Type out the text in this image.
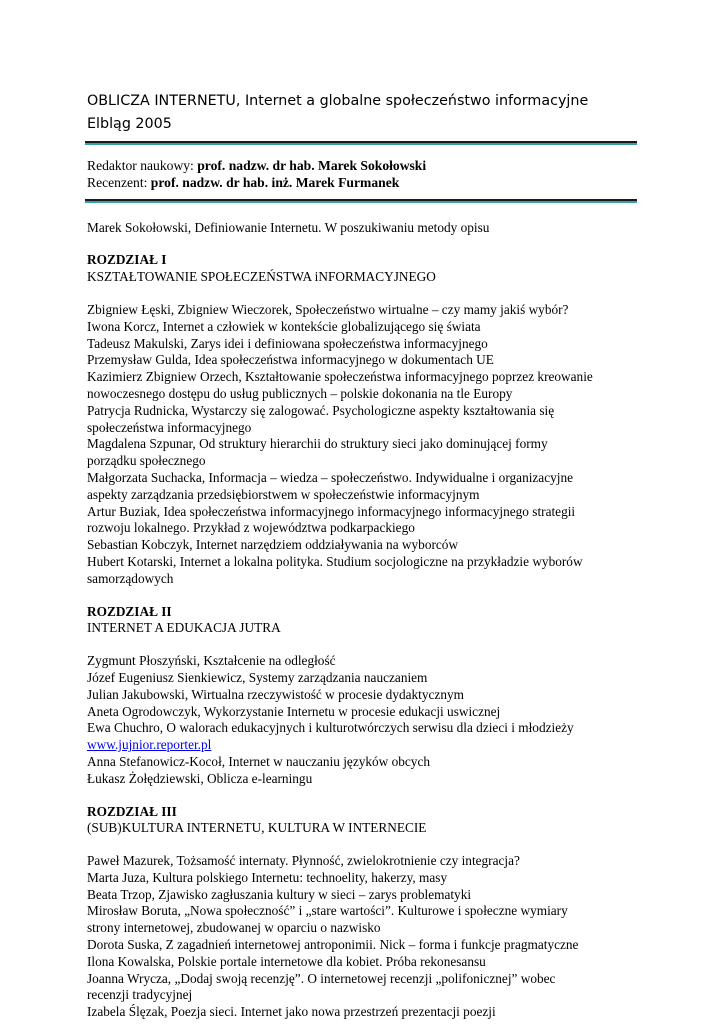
OBLICZA INTERNETU, Internet a globalne społeczeństwo informacyjne

Elbląg 2005

Redaktor naukowy: prof. nadzw. dr hab. Marek Sokołowski
Recenzent: prof. nadzw. dr hab. inż. Marek Furmanek
Marek Sokołowski, Definiowanie Internetu. W poszukiwaniu metody opisu
ROZDZIAŁ I
KSZTAŁTOWANIE SPOŁECZEŃSTWA iNFORMACYJNEGO
Zbigniew Łęski, Zbigniew Wieczorek, Społeczeństwo wirtualne – czy mamy jakiś wybór?
Iwona Korcz, Internet a człowiek w kontekście globalizującego się świata
Tadeusz Makulski, Zarys idei i definiowana społeczeństwa informacyjnego
Przemysław Gulda, Idea społeczeństwa informacyjnego w dokumentach UE
Kazimierz Zbigniew Orzech, Kształtowanie społeczeństwa informacyjnego poprzez kreowanie
nowoczesnego dostępu do usług publicznych – polskie dokonania na tle Europy
Patrycja Rudnicka, Wystarczy się zalogować. Psychologiczne aspekty kształtowania się
społeczeństwa informacyjnego
Magdalena Szpunar, Od struktury hierarchii do struktury sieci jako dominującej formy
porządku społecznego
Małgorzata Suchacka, Informacja – wiedza – społeczeństwo. Indywidualne i organizacyjne
aspekty zarządzania przedsiębiorstwem w społeczeństwie informacyjnym
Artur Buziak, Idea społeczeństwa informacyjnego informacyjnego informacyjnego strategii
rozwoju lokalnego. Przykład z województwa podkarpackiego
Sebastian Kobczyk, Internet narzędziem oddziaływania na wyborców
Hubert Kotarski, Internet a lokalna polityka. Studium socjologiczne na przykładzie wyborów
samorządowych
ROZDZIAŁ II
INTERNET A EDUKACJA JUTRA
Zygmunt Płoszyński, Kształcenie na odległość
Józef Eugeniusz Sienkiewicz, Systemy zarządzania nauczaniem
Julian Jakubowski, Wirtualna rzeczywistość w procesie dydaktycznym
Aneta Ogrodowczyk, Wykorzystanie Internetu w procesie edukacji uswicznej
Ewa Chuchro, O walorach edukacyjnych i kulturotwórczych serwisu dla dzieci i młodzieży
www.jujnior.reporter.pl
Anna Stefanowicz-Kocoł, Internet w nauczaniu języków obcych
Łukasz Żołędziewski, Oblicza e-learningu
ROZDZIAŁ III
(SUB)KULTURA INTERNETU, KULTURA W INTERNECIE
Paweł Mazurek, Tożsamość internaty. Płynność, zwielokrotnienie czy integracja?
Marta Juza, Kultura polskiego Internetu: technoelity, hakerzy, masy
Beata Trzop, Zjawisko zagłuszania kultury w sieci – zarys problematyki
Mirosław Boruta, „Nowa społeczność” i „stare wartości”. Kulturowe i społeczne wymiary
strony internetowej, zbudowanej w oparciu o nazwisko
Dorota Suska, Z zagadnień internetowej antroponimii. Nick – forma i funkcje pragmatyczne
Ilona Kowalska, Polskie portale internetowe dla kobiet. Próba rekonesansu
Joanna Wrycza, „Dodaj swoją recenzję”. O internetowej recenzji „polifonicznej” wobec
recenzji tradycyjnej
Izabela Ślęzak, Poezja sieci. Internet jako nowa przestrzeń prezentacji poezji
